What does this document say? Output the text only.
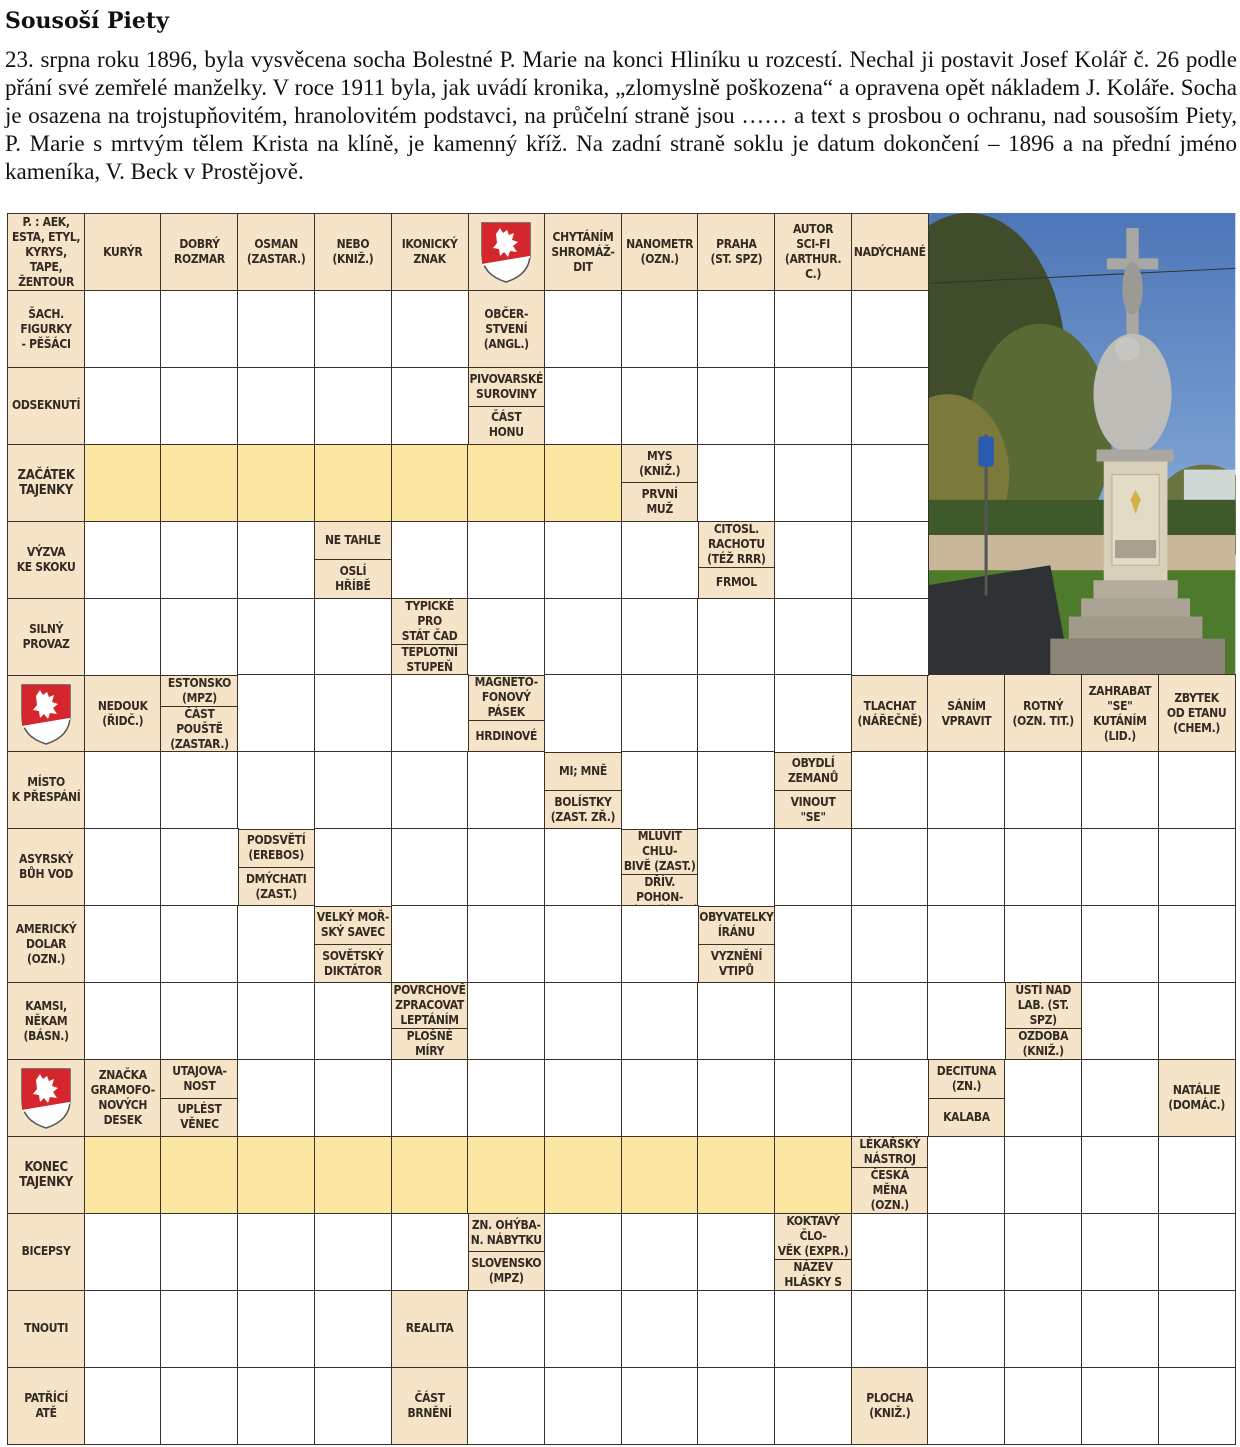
Sousoší Piety
23. srpna roku 1896, byla vysvěcena socha Bolestné P. Marie na konci Hliníku u rozcestí. Nechal ji postavit Josef Kolář č. 26 podle přání své zemřelé manželky. V roce 1911 byla, jak uvádí kronika, „zlomyslně poškozena“ a opravena opět nákladem J. Koláře. Socha je osazena na trojstupňovitém, hranolovitém podstavci, na průčelní straně jsou …… a text s prosbou o ochranu, nad sousoším Piety, P. Marie s mrtvým tělem Krista na klíně, je kamenný kříž. Na zadní straně soklu je datum dokončení – 1896 a na přední jméno kameníka, V. Beck v Prostějově.
P. : AEK,
ESTA, ETYL,
KYRYS, TAPE,
ŽENTOUR
KURÝR
DOBRÝ
ROZMAR
OSMAN
(ZASTAR.)
NEBO
(KNIŽ.)
IKONICKÝ
ZNAK
CHYTÁNÍM
SHROMÁŽ-
DIT
NANOMETR
(OZN.)
PRAHA
(ST. SPZ)
AUTOR
SCI-FI
(ARTHUR. C.)
NADÝCHANÉ
ŠACH.
FIGURKY
- PĚŠÁCI
OBČER-
STVENÍ
(ANGL.)
ODSEKNUTÍ
PIVOVARSKÉ
SUROVINY
ČÁST
HONU
ZAČÁTEK
TAJENKY
MYS
(KNIŽ.)
PRVNÍ
MUŽ
VÝZVA
KE SKOKU
NE TAHLE
OSLÍ
HŘÍBĚ
CITOSL.
RACHOTU
(TÉŽ RRR)
FRMOL
SILNÝ
PROVAZ
TYPICKÉ PRO
STÁT ČAD
TEPLOTNÍ
STUPEŇ
NEDOUK
(ŘIDČ.)
ESTONSKO
(MPZ)
ČÁST POUŠTĚ
(ZASTAR.)
MAGNETO-
FONOVÝ
PÁSEK
HRDINOVÉ
TLACHAT
(NÁŘEČNĚ)
SÁNÍM
VPRAVIT
ROTNÝ
(OZN. TIT.)
ZAHRABAT
"SE"
KUTÁNÍM
(LID.)
ZBYTEK
OD ETANU
(CHEM.)
MÍSTO
K PŘESPÁNÍ
MI; MNĚ
BOLÍSTKY
(ZAST. ZŘ.)
OBYDLÍ
ZEMANŮ
VINOUT
"SE"
ASYRSKÝ
BŮH VOD
PODSVĚTÍ
(EREBOS)
DMÝCHATI
(ZAST.)
MLUVIT CHLU-
BIVĚ (ZAST.)
DŘÍV. POHON-

AMERICKÝ
DOLAR
(OZN.)
VELKÝ MOŘ-
SKÝ SAVEC
SOVĚTSKÝ
DIKTÁTOR
OBYVATELKY
ÍRÁNU
VYZNĚNÍ
VTIPŮ
KAMSI,
NĚKAM
(BÁSN.)
POVRCHOVĚ
ZPRACOVAT
LEPTÁNÍM
PLOŠNÉ MÍRY
ÚSTÍ NAD
LAB. (ST. SPZ)
OZDOBA
(KNIŽ.)
ZNAČKA
GRAMOFO-
NOVÝCH
DESEK
UTAJOVA-
NOST
UPLÉST
VĚNEC
DECITUNA
(ZN.)
KALABA
NATÁLIE
(DOMÁC.)
KONEC
TAJENKY
LÉKAŘSKÝ
NÁSTROJ
ČESKÁ
MĚNA (OZN.)
BICEPSY
ZN. OHÝBA-
N. NÁBYTKU
SLOVENSKO
(MPZ)
KOKTAVÝ ČLO-
VĚK (EXPR.)
NÁZEV
HLÁSKY S
TNOUTI	REALITA
PATŘÍCÍ
ATĚ
ČÁST
BRNĚNÍ
PLOCHA
(KNIŽ.)
